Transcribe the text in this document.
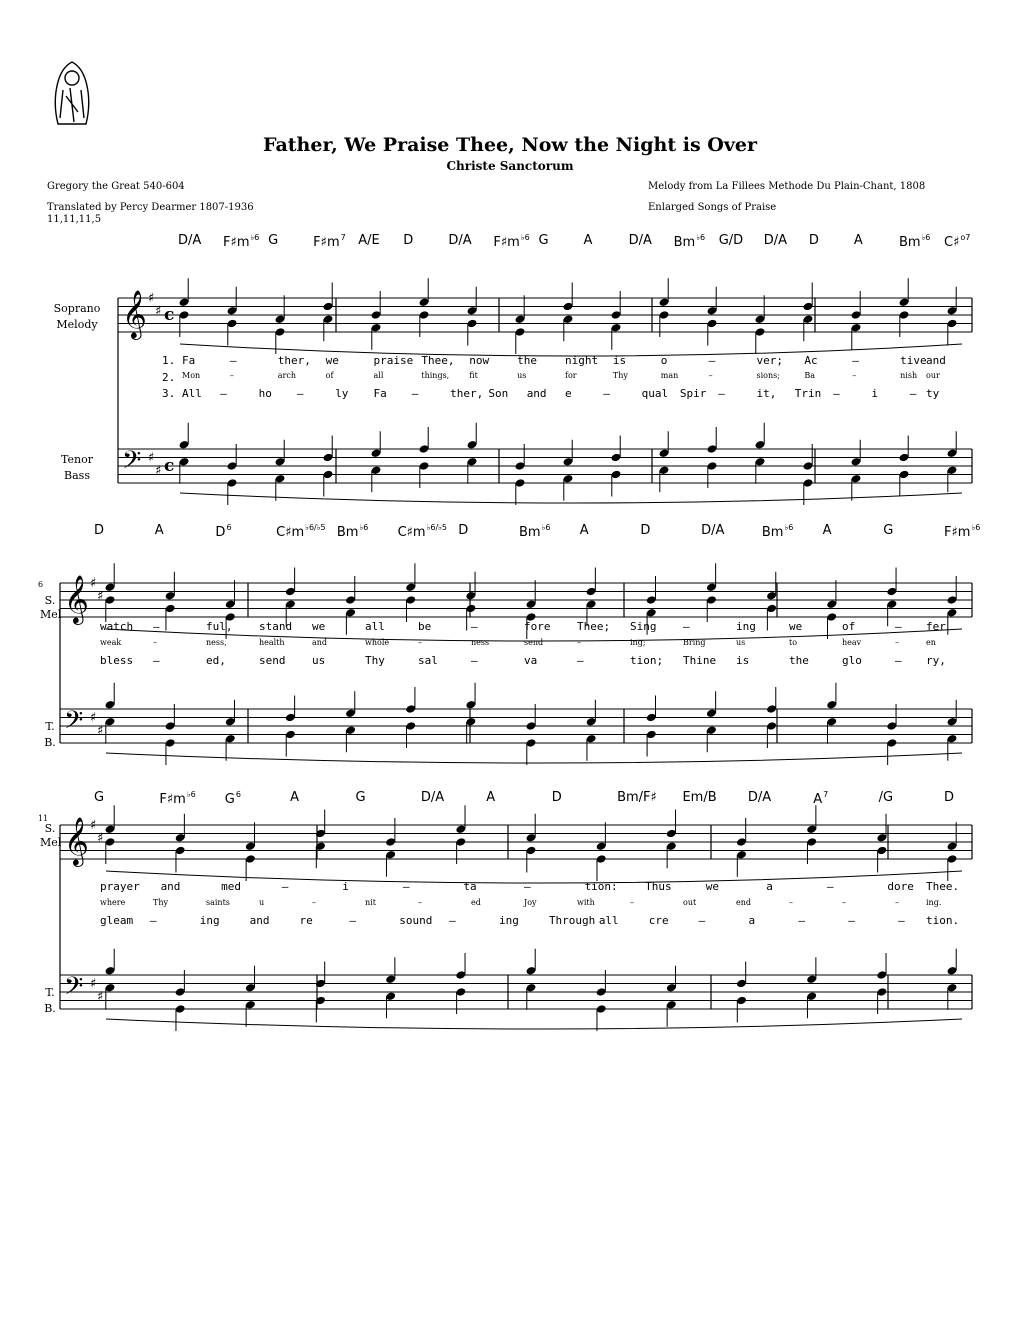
Father, We Praise Thee, Now the Night is Over
Christe Sanctorum
Gregory the Great 540-604
Translated by Percy Dearmer 1807-1936
11,11,11,5
Melody from La Fillees Methode Du Plain-Chant, 1808
Enlarged Songs of Praise
Soprano
Melody
Tenor
Bass
S.
Mel
T.
B.
S.
Mel
T.
B.
6
11
𝄞
𝄢
♯
♯
♯
♯
c
c
𝄞
𝄢
♯
♯
♯
♯
𝄞
𝄢
♯
♯
♯
♯
D/A $F♯m^{♭6}$ G	$F♯m^7$ A/E D	D/A $F♯m^{♭6}$ G	A	D/A $Bm^{♭6}$ G/D D/A D	A	$Bm^{♭6}$ C♯$^{o7}$
1. Fa	–	ther, we	praise Thee, now	the	night is	o	–	ver; Ac	–	tive and
2. Mon	–	arch	of	all	things,	fit	us	for	Thy	man	–	sions;	Ba	–	nish our
3. All –	ho –	ly Fa –	ther, Son and e	–	qual Spir –	it, Trin –	i	– ty
D	A	$D^6$	$C♯m^{♭6/♭5}$ $Bm^{♭6}$ $C♯m^{♭6/♭5}$ D	$Bm^{♭6}$ A	D	D/A	$Bm^{♭6}$ A	G	$F♯m^{♭6}$
watch –	ful, stand we	all	be	–	fore Thee; Sing –	ing	we	of	– fer
weak	–	ness,	health	and	whole	–	ness	send	–	ing;	Bring	us	to	heav	–	en
bless –	ed,	send us	Thy	sal	–	va	–	tion; Thine is	the	glo	– ry,
G	$F♯m^{♭6}$ $G^6$	A	G	D/A	A	D	Bm/F♯ Em/B D/A	$A^7$	/G	D
prayer and	med	–	i	–	ta	–	tion: Thus	we	a	–	dore Thee.
where	Thy	saints	u	–	nit	–	ed	Joy	with	–	out	end	–	–	–	ing.
gleam –	ing	and	re	–	sound –	ing	Through all	cre	–	a	–	–	– tion.
